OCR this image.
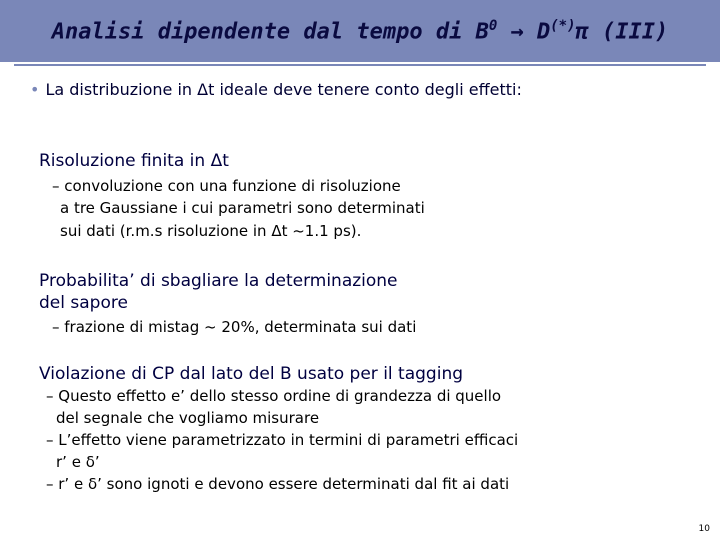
Analisi dipendente dal tempo di $B^0 \to D^{(*)}\pi$ (III)
• La distribuzione in Δt ideale deve tenere conto degli effetti:
Risoluzione finita in Δt
– convoluzione con una funzione di risoluzione
a tre Gaussiane i cui parametri sono determinati
sui dati (r.m.s risoluzione in Δt ~1.1 ps).
Probabilita’ di sbagliare la determinazione
del sapore
– frazione di mistag ~ 20%, determinata sui dati
Violazione di CP dal lato del B usato per il tagging
– Questo effetto e’ dello stesso ordine di grandezza di quello
del segnale che vogliamo misurare
– L’effetto viene parametrizzato in termini di parametri efficaci
r’ e δ’
– r’ e δ’ sono ignoti e devono essere determinati dal fit ai dati
10
